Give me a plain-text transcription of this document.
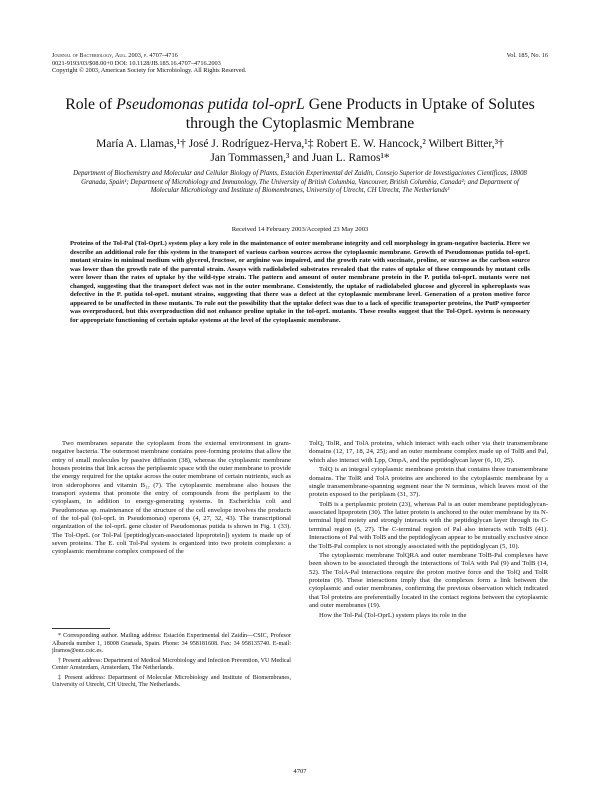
Journal of Bacteriology, Aug. 2003, p. 4707–4716
0021-9193/03/$08.00+0 DOI: 10.1128/JB.185.16.4707–4716.2003
Copyright © 2003, American Society for Microbiology. All Rights Reserved.
Vol. 185, No. 16
Role of Pseudomonas putida tol-oprL Gene Products in Uptake of Solutes through the Cytoplasmic Membrane
María A. Llamas,¹† José J. Rodríguez-Herva,¹‡ Robert E. W. Hancock,² Wilbert Bitter,³†
Jan Tommassen,³ and Juan L. Ramos¹*
Department of Biochemistry and Molecular and Cellular Biology of Plants, Estación Experimental del Zaidín, Consejo Superior de Investigaciones Científicas, 18008 Granada, Spain¹; Department of Microbiology and Immunology, The University of British Columbia, Vancouver, British Columbia, Canada²; and Department of Molecular Microbiology and Institute of Biomembranes, University of Utrecht, CH Utrecht, The Netherlands³
Received 14 February 2003/Accepted 23 May 2003
Proteins of the Tol-Pal (Tol-OprL) system play a key role in the maintenance of outer membrane integrity and cell morphology in gram-negative bacteria. Here we describe an additional role for this system in the transport of various carbon sources across the cytoplasmic membrane. Growth of Pseudomonas putida tol-oprL mutant strains in minimal medium with glycerol, fructose, or arginine was impaired, and the growth rate with succinate, proline, or sucrose as the carbon source was lower than the growth rate of the parental strain. Assays with radiolabeled substrates revealed that the rates of uptake of these compounds by mutant cells were lower than the rates of uptake by the wild-type strain. The pattern and amount of outer membrane protein in the P. putida tol-oprL mutants were not changed, suggesting that the transport defect was not in the outer membrane. Consistently, the uptake of radiolabeled glucose and glycerol in spheroplasts was defective in the P. putida tol-oprL mutant strains, suggesting that there was a defect at the cytoplasmic membrane level. Generation of a proton motive force appeared to be unaffected in these mutants. To rule out the possibility that the uptake defect was due to a lack of specific transporter proteins, the PutP symporter was overproduced, but this overproduction did not enhance proline uptake in the tol-oprL mutants. These results suggest that the Tol-OprL system is necessary for appropriate functioning of certain uptake systems at the level of the cytoplasmic membrane.

Two membranes separate the cytoplasm from the external environment in gram-negative bacteria. The outermost membrane contains pore-forming proteins that allow the entry of small molecules by passive diffusion (38), whereas the cytoplasmic membrane houses proteins that link across the periplasmic space with the outer membrane to provide the energy required for the uptake across the outer membrane of certain nutrients, such as iron siderophores and vitamin B₁₂ (7). The cytoplasmic membrane also houses the transport systems that promote the entry of compounds from the periplasm to the cytoplasm, in addition to energy-generating systems. In Escherichia coli and Pseudomonas sp. maintenance of the structure of the cell envelope involves the products of the tol-pal (tol-oprL in Pseudomonas) operons (4, 27, 32, 43). The transcriptional organization of the tol-oprL gene cluster of Pseudomonas putida is shown in Fig. 1 (33). The Tol-OprL (or Tol-Pal [peptidoglycan-associated lipoprotein]) system is made up of seven proteins. The E. coli Tol-Pal system is organized into two protein complexes: a cytoplasmic membrane complex composed of the

* Corresponding author. Mailing address: Estación Experimental del Zaidín—CSIC, Profesor Albareda number 1, 18008 Granada, Spain. Phone: 34 958181608. Fax: 34 958135740. E-mail: jlramos@eez.csic.es.

† Present address: Department of Medical Microbiology and Infection Prevention, VU Medical Center Amsterdam, Amsterdam, The Netherlands.

‡ Present address: Department of Molecular Microbiology and Institute of Biomembranes, University of Utrecht, CH Utrecht, The Netherlands.

TolQ, TolR, and TolA proteins, which interact with each other via their transmembrane domains (12, 17, 18, 24, 25); and an outer membrane complex made up of TolB and Pal, which also interact with Lpp, OmpA, and the peptidoglycan layer (6, 10, 25).

TolQ is an integral cytoplasmic membrane protein that contains three transmembrane domains. The TolR and TolA proteins are anchored to the cytoplasmic membrane by a single transmembrane-spanning segment near the N terminus, which leaves most of the protein exposed to the periplasm (31, 37).

TolB is a periplasmic protein (23), whereas Pal is an outer membrane peptidoglycan-associated lipoprotein (30). The latter protein is anchored to the outer membrane by its N-terminal lipid moiety and strongly interacts with the peptidoglycan layer through its C-terminal region (5, 27). The C-terminal region of Pal also interacts with TolB (41). Interactions of Pal with TolB and the peptidoglycan appear to be mutually exclusive since the TolB-Pal complex is not strongly associated with the peptidoglycan (5, 10).

The cytoplasmic membrane TolQRA and outer membrane TolB-Pal complexes have been shown to be associated through the interactions of TolA with Pal (9) and TolB (14, 52). The TolA-Pal interactions require the proton motive force and the TolQ and TolR proteins (9). These interactions imply that the complexes form a link between the cytoplasmic and outer membranes, confirming the previous observation which indicated that Tol proteins are preferentially located in the contact regions between the cytoplasmic and outer membranes (19).

How the Tol-Pal (Tol-OprL) system plays its role in the

4707
